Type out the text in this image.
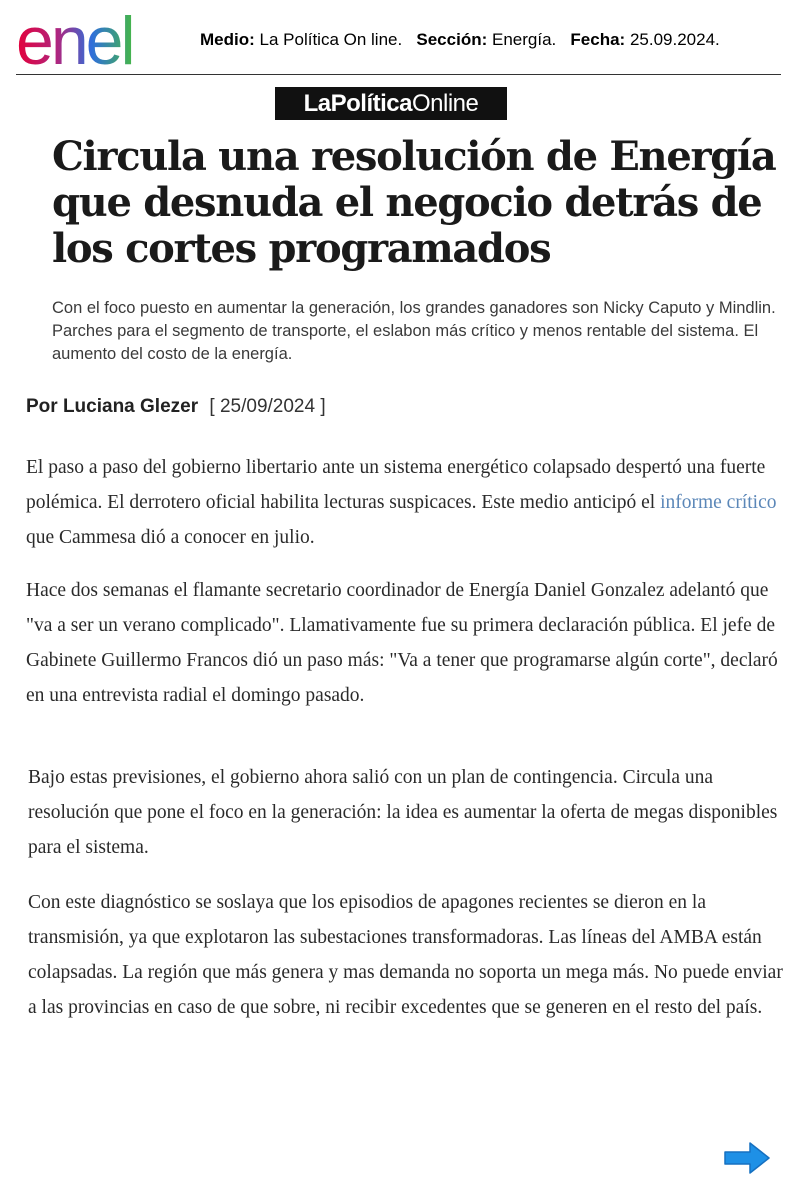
enel	Medio: La Política On line. Sección: Energía. Fecha: 25.09.2024.
LaPolíticaOnline
Circula una resolución de Energía que desnuda el negocio detrás de los cortes programados

Con el foco puesto en aumentar la generación, los grandes ganadores son Nicky Caputo y Mindlin. Parches para el segmento de transporte, el eslabon más crítico y menos rentable del sistema. El aumento del costo de la energía.

Por Luciana Glezer [ 25/09/2024 ]

El paso a paso del gobierno libertario ante un sistema energético colapsado despertó una fuerte polémica. El derrotero oficial habilita lecturas suspicaces. Este medio anticipó el informe crítico que Cammesa dió a conocer en julio.

Hace dos semanas el flamante secretario coordinador de Energía Daniel Gonzalez adelantó que "va a ser un verano complicado". Llamativamente fue su primera declaración pública. El jefe de Gabinete Guillermo Francos dió un paso más: "Va a tener que programarse algún corte", declaró en una entrevista radial el domingo pasado.

Bajo estas previsiones, el gobierno ahora salió con un plan de contingencia. Circula una resolución que pone el foco en la generación: la idea es aumentar la oferta de megas disponibles para el sistema.

Con este diagnóstico se soslaya que los episodios de apagones recientes se dieron en la transmisión, ya que explotaron las subestaciones transformadoras. Las líneas del AMBA están colapsadas. La región que más genera y mas demanda no soporta un mega más. No puede enviar a las provincias en caso de que sobre, ni recibir excedentes que se generen en el resto del país.
